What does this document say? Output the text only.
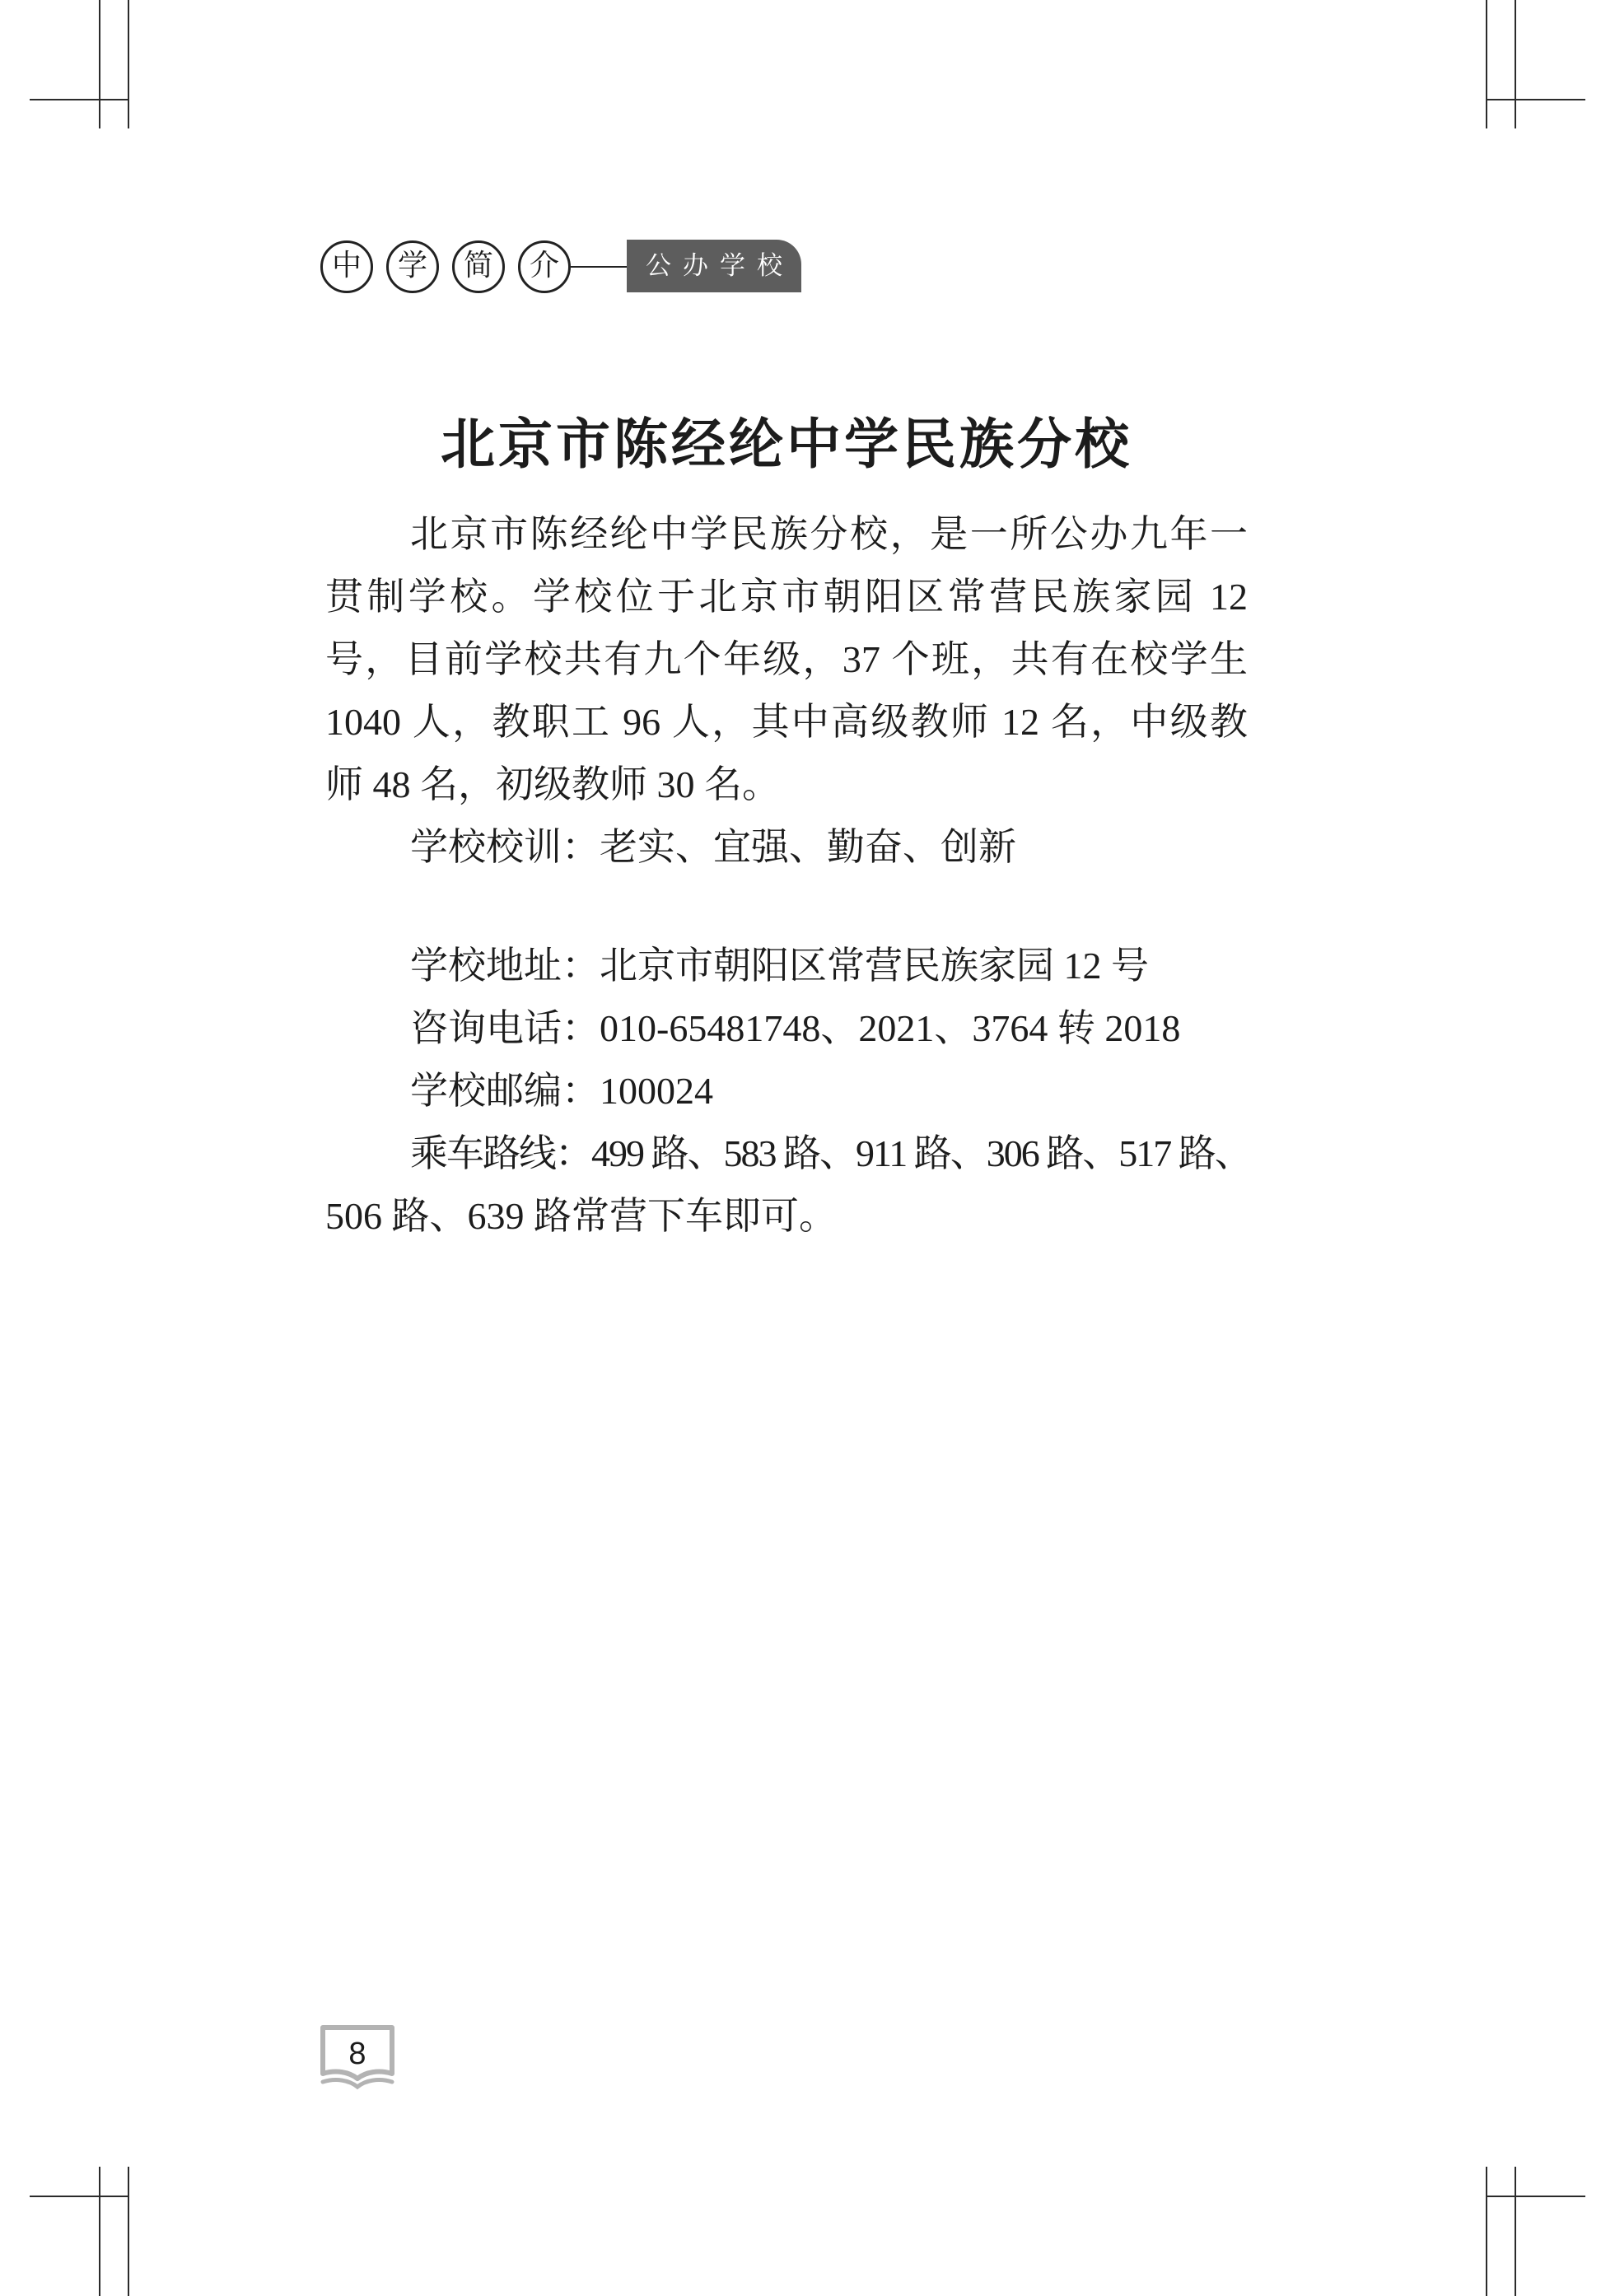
中	学	简	介	公办学校
北京市陈经纶中学民族分校
北京市陈经纶中学民族分校，是一所公办九年一
贯制学校。学校位于北京市朝阳区常营民族家园 12
号，目前学校共有九个年级，37 个班，共有在校学生
1040 人，教职工 96 人，其中高级教师 12 名，中级教
师 48 名，初级教师 30 名。
学校校训：老实、宜强、勤奋、创新
学校地址：北京市朝阳区常营民族家园 12 号
咨询电话：010-65481748、2021、3764 转 2018
学校邮编：100024
乘车路线：499 路、583 路、911 路、306 路、517 路、
506 路、639 路常营下车即可。
8
